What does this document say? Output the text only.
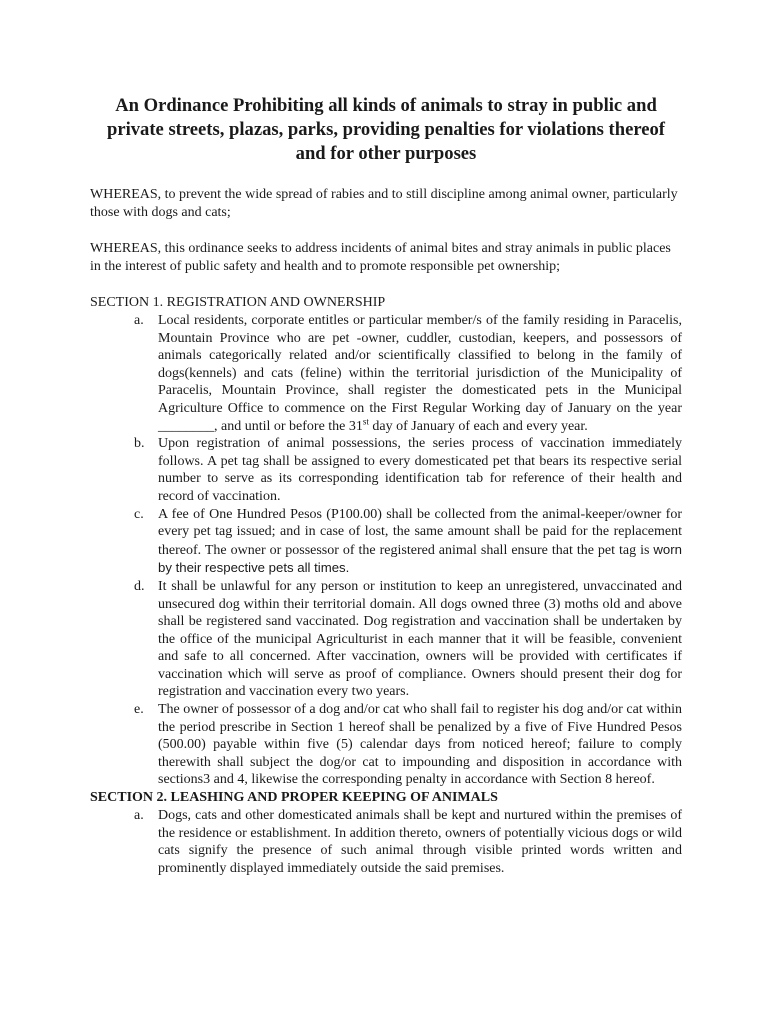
An Ordinance Prohibiting all kinds of animals to stray in public and private streets, plazas, parks, providing penalties for violations thereof and for other purposes

WHEREAS, to prevent the wide spread of rabies and to still discipline among animal owner, particularly those with dogs and cats;

WHEREAS, this ordinance seeks to address incidents of animal bites and stray animals in public places in the interest of public safety and health and to promote responsible pet ownership;

SECTION 1. REGISTRATION AND OWNERSHIP

a. Local residents, corporate entitles or particular member/s of the family residing in Paracelis, Mountain Province who are pet -owner, cuddler, custodian, keepers, and possessors of animals categorically related and/or scientifically classified to belong in the family of dogs(kennels) and cats (feline) within the territorial jurisdiction of the Municipality of Paracelis, Mountain Province, shall register the domesticated pets in the Municipal Agriculture Office to commence on the First Regular Working day of January on the year ________, and until or before the 31st day of January of each and every year.
b. Upon registration of animal possessions, the series process of vaccination immediately follows. A pet tag shall be assigned to every domesticated pet that bears its respective serial number to serve as its corresponding identification tab for reference of their health and record of vaccination.
c. A fee of One Hundred Pesos (P100.00) shall be collected from the animal-keeper/owner for every pet tag issued; and in case of lost, the same amount shall be paid for the replacement thereof. The owner or possessor of the registered animal shall ensure that the pet tag is worn by their respective pets all times.
d. It shall be unlawful for any person or institution to keep an unregistered, unvaccinated and unsecured dog within their territorial domain. All dogs owned three (3) moths old and above shall be registered sand vaccinated. Dog registration and vaccination shall be undertaken by the office of the municipal Agriculturist in each manner that it will be feasible, convenient and safe to all concerned. After vaccination, owners will be provided with certificates if vaccination which will serve as proof of compliance. Owners should present their dog for registration and vaccination every two years.
e. The owner of possessor of a dog and/or cat who shall fail to register his dog and/or cat within the period prescribe in Section 1 hereof shall be penalized by a five of Five Hundred Pesos (500.00) payable within five (5) calendar days from noticed hereof; failure to comply therewith shall subject the dog/or cat to impounding and disposition in accordance with sections3 and 4, likewise the corresponding penalty in accordance with Section 8 hereof.

SECTION 2. LEASHING AND PROPER KEEPING OF ANIMALS

a. Dogs, cats and other domesticated animals shall be kept and nurtured within the premises of the residence or establishment. In addition thereto, owners of potentially vicious dogs or wild cats signify the presence of such animal through visible printed words written and prominently displayed immediately outside the said premises.
